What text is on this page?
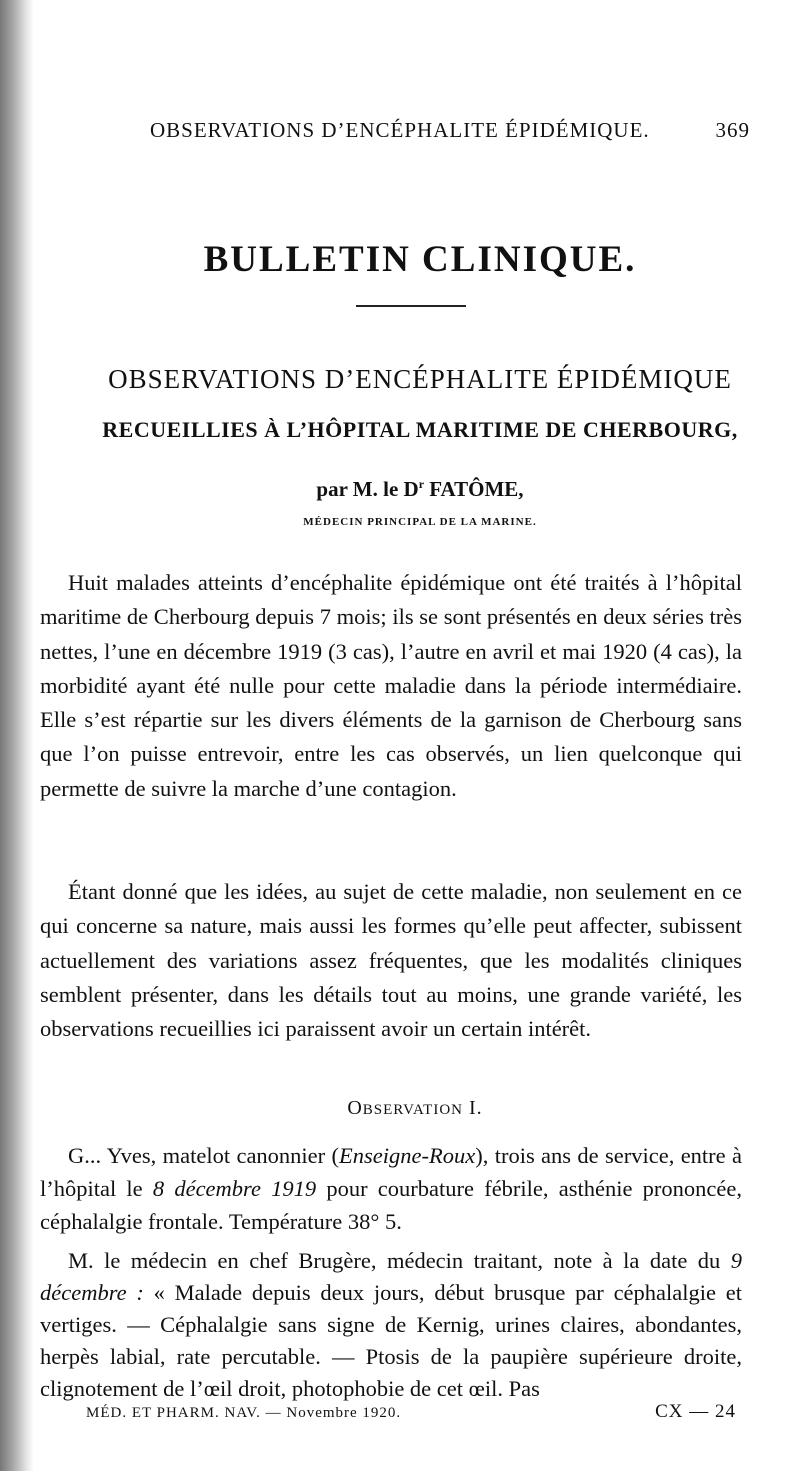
OBSERVATIONS D’ENCÉPHALITE ÉPIDÉMIQUE.	369
BULLETIN CLINIQUE.
OBSERVATIONS D’ENCÉPHALITE ÉPIDÉMIQUE
RECUEILLIES À L’HÔPITAL MARITIME DE CHERBOURG,
par M. le $D^r$ FATÔME,
MÉDECIN PRINCIPAL DE LA MARINE.

Huit malades atteints d’encéphalite épidémique ont été traités à l’hôpital maritime de Cherbourg depuis 7 mois; ils se sont présentés en deux séries très nettes, l’une en décembre 1919 (3 cas), l’autre en avril et mai 1920 (4 cas), la morbidité ayant été nulle pour cette maladie dans la période intermédiaire. Elle s’est répartie sur les divers éléments de la garnison de Cherbourg sans que l’on puisse entrevoir, entre les cas observés, un lien quelconque qui permette de suivre la marche d’une contagion.

Étant donné que les idées, au sujet de cette maladie, non seulement en ce qui concerne sa nature, mais aussi les formes qu’elle peut affecter, subissent actuellement des variations assez fréquentes, que les modalités cliniques semblent présenter, dans les détails tout au moins, une grande variété, les observations recueillies ici paraissent avoir un certain intérêt.

OBSERVATION I.

G... Yves, matelot canonnier (Enseigne-Roux), trois ans de service, entre à l’hôpital le 8 décembre 1919 pour courbature fébrile, asthénie prononcée, céphalalgie frontale. Température 38° 5.

M. le médecin en chef Brugère, médecin traitant, note à la date du 9 décembre : « Malade depuis deux jours, début brusque par céphalalgie et vertiges. — Céphalalgie sans signe de Kernig, urines claires, abondantes, herpès labial, rate percutable. — Ptosis de la paupière supérieure droite, clignotement de l’œil droit, photophobie de cet œil. Pas

MÉD. ET PHARM. NAV. — Novembre 1920.	CX — 24
